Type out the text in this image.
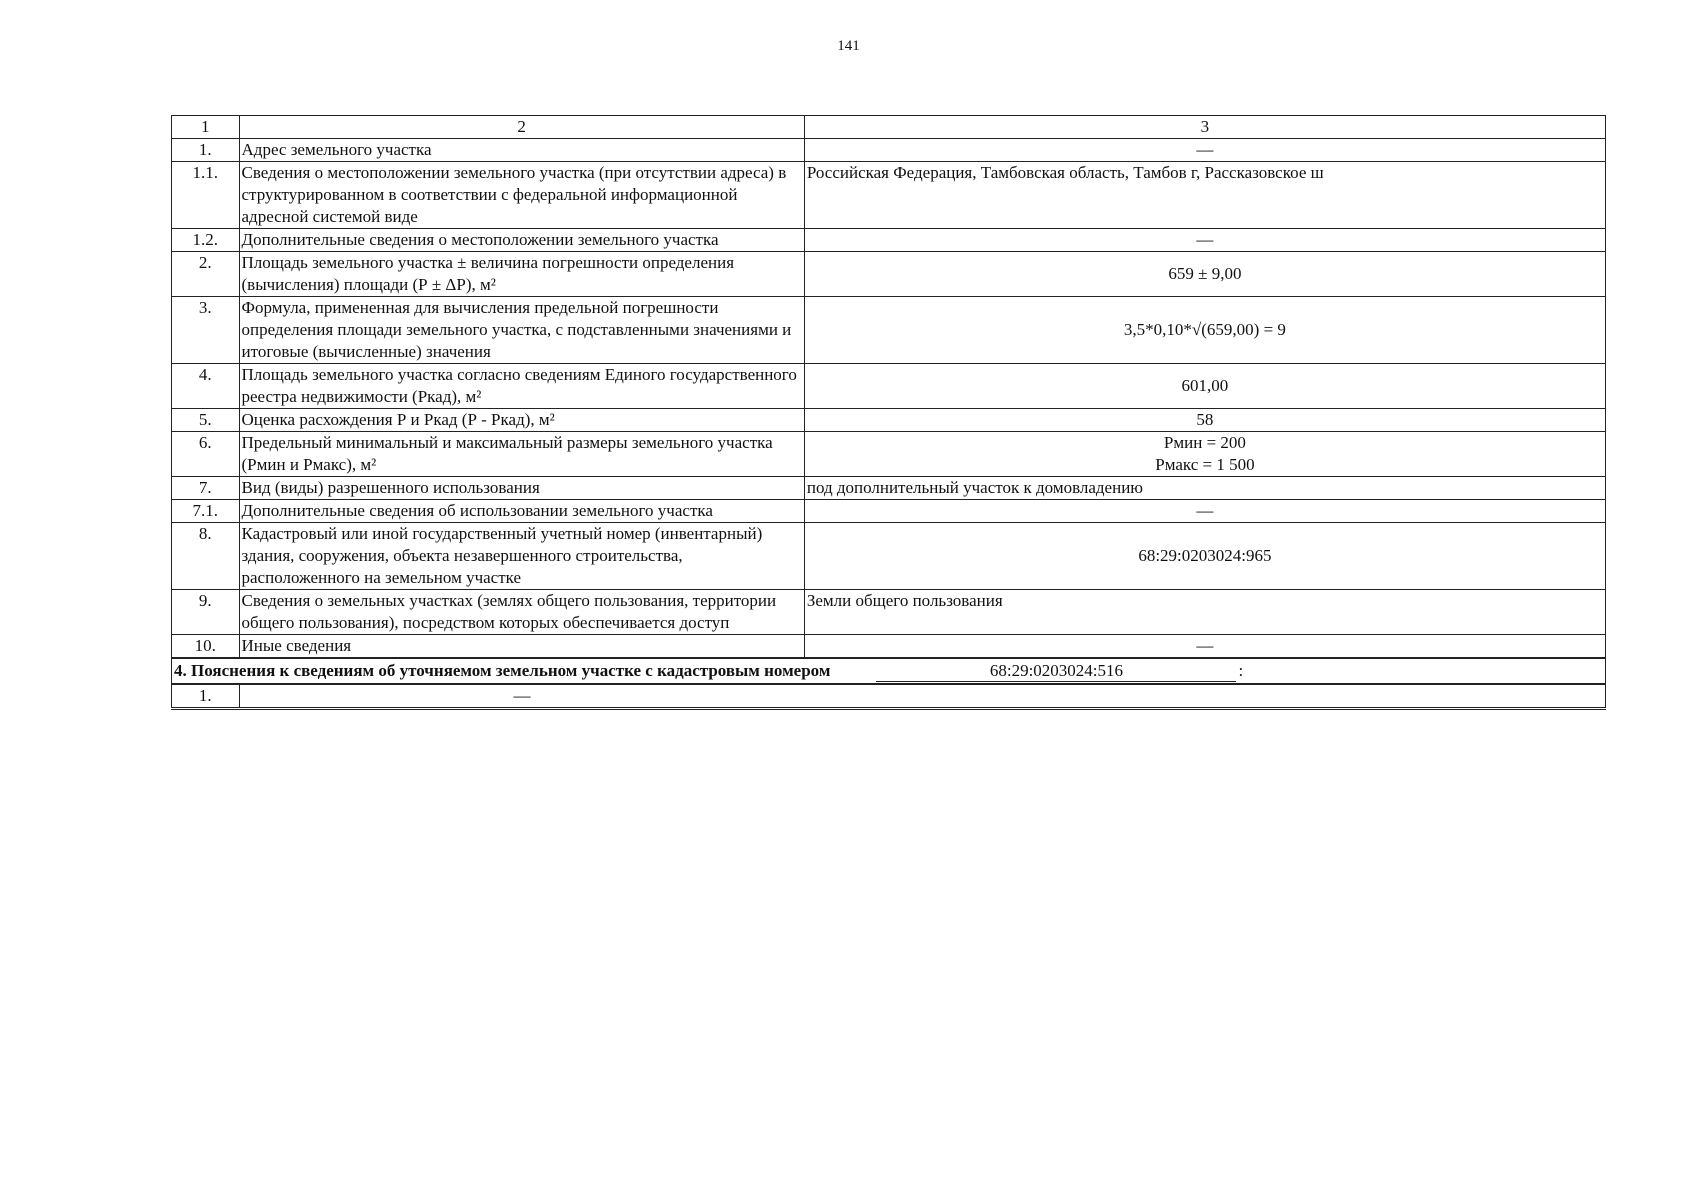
141
1	2	3
1.	Адрес земельного участка	—
1.1.	Сведения о местоположении земельного участка (при отсутствии адреса) в структурированном в соответствии с федеральной информационной адресной системой виде	Российская Федерация, Тамбовская область, Тамбов г, Рассказовское ш
1.2.	Дополнительные сведения о местоположении земельного участка	—
2.	Площадь земельного участка ± величина погрешности определения (вычисления) площади (Р ± ΔР), м²	659 ± 9,00
3.	Формула, примененная для вычисления предельной погрешности определения площади земельного участка, с подставленными значениями и итоговые (вычисленные) значения	3,5*0,10*√(659,00) = 9
4.	Площадь земельного участка согласно сведениям Единого государственного реестра недвижимости (Ркад), м²	601,00
5.	Оценка расхождения Р и Ркад (Р - Ркад), м²	58
6.	Предельный минимальный и максимальный размеры земельного участка (Рмин и Рмакс), м²	Рмин = 200
Рмакс = 1 500

7.	Вид (виды) разрешенного использования	под дополнительный участок к домовладению
7.1.	Дополнительные сведения об использовании земельного участка	—
8.	Кадастровый или иной государственный учетный номер (инвентарный) здания, сооружения, объекта незавершенного строительства, расположенного на земельном участке	68:29:0203024:965
9.	Сведения о земельных участках (землях общего пользования, территории общего пользования), посредством которых обеспечивается доступ	Земли общего пользования
10.	Иные сведения	—
4. Пояснения к сведениям об уточняемом земельном участке с кадастровым номером 68:29:0203024:516 :		
1.	—	
